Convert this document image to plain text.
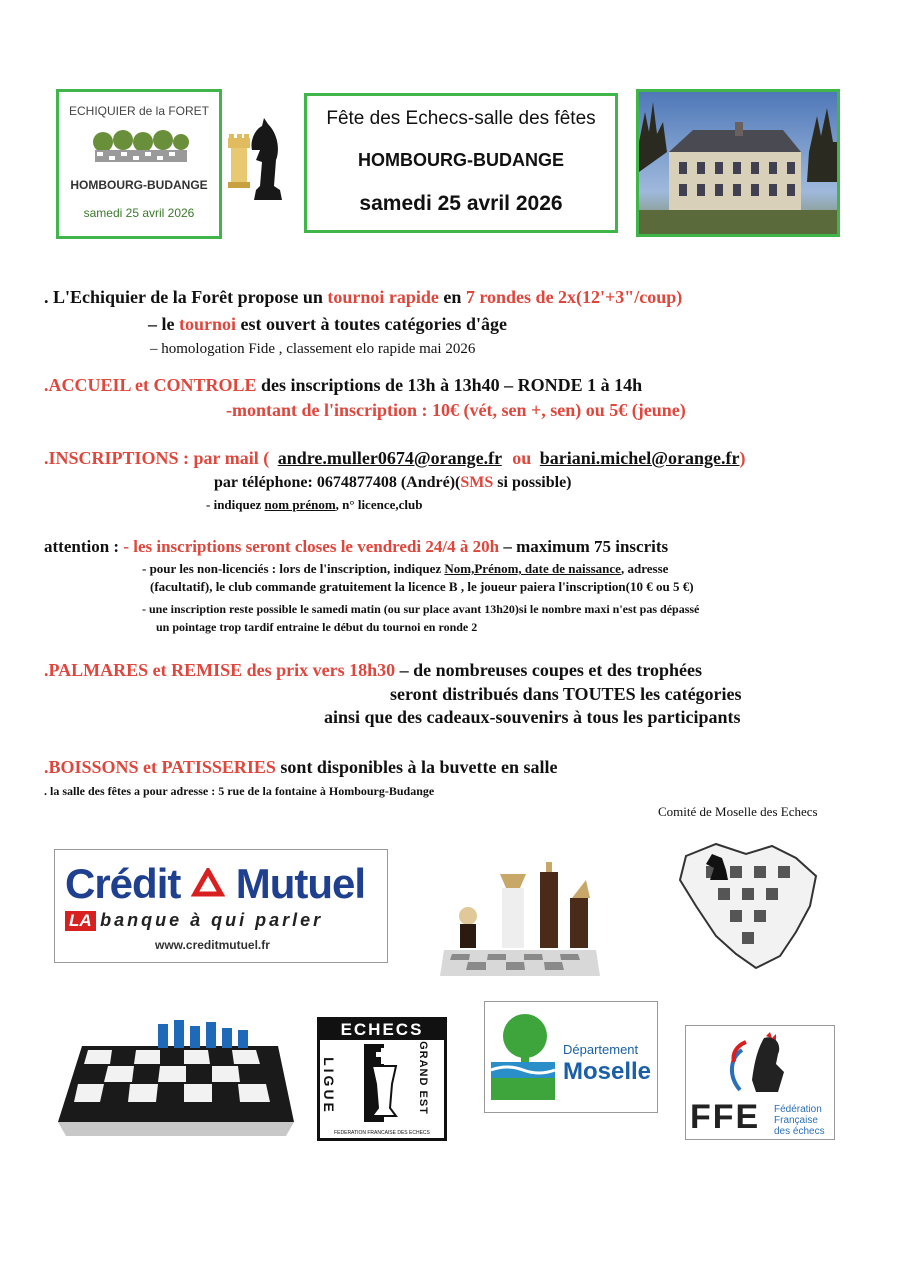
ECHIQUIER de la FORET
HOMBOURG-BUDANGE
samedi 25 avril 2026
Fête des Echecs-salle des fêtes
HOMBOURG-BUDANGE
samedi 25 avril 2026
. L'Echiquier de la Forêt propose un tournoi rapide en 7 rondes de 2x(12'+3"/coup)
– le tournoi est ouvert à toutes catégories d'âge
– homologation Fide , classement elo rapide mai 2026
.ACCUEIL et CONTROLE des inscriptions de 13h à 13h40 – RONDE 1 à 14h
-montant de l'inscription : 10€ (vét, sen +, sen) ou 5€ (jeune)
.INSCRIPTIONS : par mail ( andre.muller0674@orange.fr ou bariani.michel@orange.fr)
par téléphone: 0674877408 (André)(SMS si possible)
- indiquez nom prénom, n° licence,club
attention : - les inscriptions seront closes le vendredi 24/4 à 20h – maximum 75 inscrits
- pour les non-licenciés : lors de l'inscription, indiquez Nom,Prénom, date de naissance, adresse
(facultatif), le club commande gratuitement la licence B , le joueur paiera l'inscription(10 € ou 5 €)
- une inscription reste possible le samedi matin (ou sur place avant 13h20)si le nombre maxi n'est pas dépassé
un pointage trop tardif entraine le début du tournoi en ronde 2
.PALMARES et REMISE des prix vers 18h30 – de nombreuses coupes et des trophées
seront distribués dans TOUTES les catégories
ainsi que des cadeaux-souvenirs à tous les participants
.BOISSONS et PATISSERIES sont disponibles à la buvette en salle
. la salle des fêtes a pour adresse : 5 rue de la fontaine à Hombourg-Budange
Comité de Moselle des Echecs
Crédit Mutuel
LA banque à qui parler
www.creditmutuel.fr
ECHECS
LIGUE	GRAND EST
FEDERATION FRANCAISE DES ECHECS
Département
Moselle
FFE Fédération
Française
des échecs
